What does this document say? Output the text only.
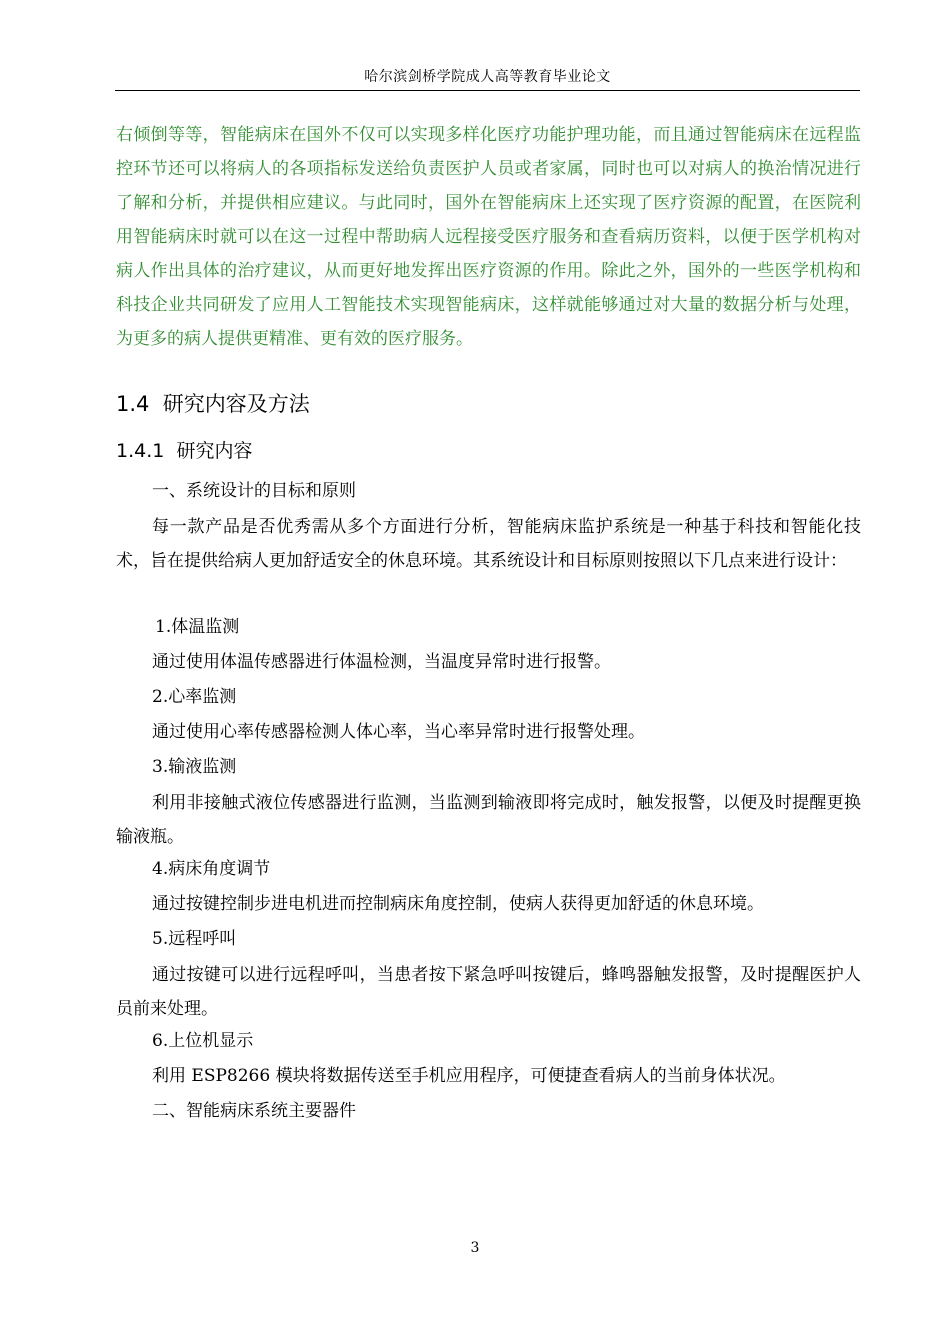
哈尔滨剑桥学院成人高等教育毕业论文

右倾倒等等，智能病床在国外不仅可以实现多样化医疗功能护理功能，而且通过智能病床在远程监控环节还可以将病人的各项指标发送给负责医护人员或者家属，同时也可以对病人的换治情况进行了解和分析，并提供相应建议。与此同时，国外在智能病床上还实现了医疗资源的配置，在医院利用智能病床时就可以在这一过程中帮助病人远程接受医疗服务和查看病历资料，以便于医学机构对病人作出具体的治疗建议，从而更好地发挥出医疗资源的作用。除此之外，国外的一些医学机构和科技企业共同研发了应用人工智能技术实现智能病床，这样就能够通过对大量的数据分析与处理，为更多的病人提供更精准、更有效的医疗服务。

1.4 研究内容及方法
1.4.1 研究内容
一、系统设计的目标和原则

每一款产品是否优秀需从多个方面进行分析，智能病床监护系统是一种基于科技和智能化技术，旨在提供给病人更加舒适安全的休息环境。其系统设计和目标原则按照以下几点来进行设计：

1.体温监测
通过使用体温传感器进行体温检测，当温度异常时进行报警。
2.心率监测
通过使用心率传感器检测人体心率，当心率异常时进行报警处理。
3.输液监测

利用非接触式液位传感器进行监测，当监测到输液即将完成时，触发报警，以便及时提醒更换输液瓶。

4.病床角度调节
通过按键控制步进电机进而控制病床角度控制，使病人获得更加舒适的休息环境。
5.远程呼叫

通过按键可以进行远程呼叫，当患者按下紧急呼叫按键后，蜂鸣器触发报警，及时提醒医护人员前来处理。

6.上位机显示
利用 ESP8266 模块将数据传送至手机应用程序，可便捷查看病人的当前身体状况。
二、智能病床系统主要器件
3
